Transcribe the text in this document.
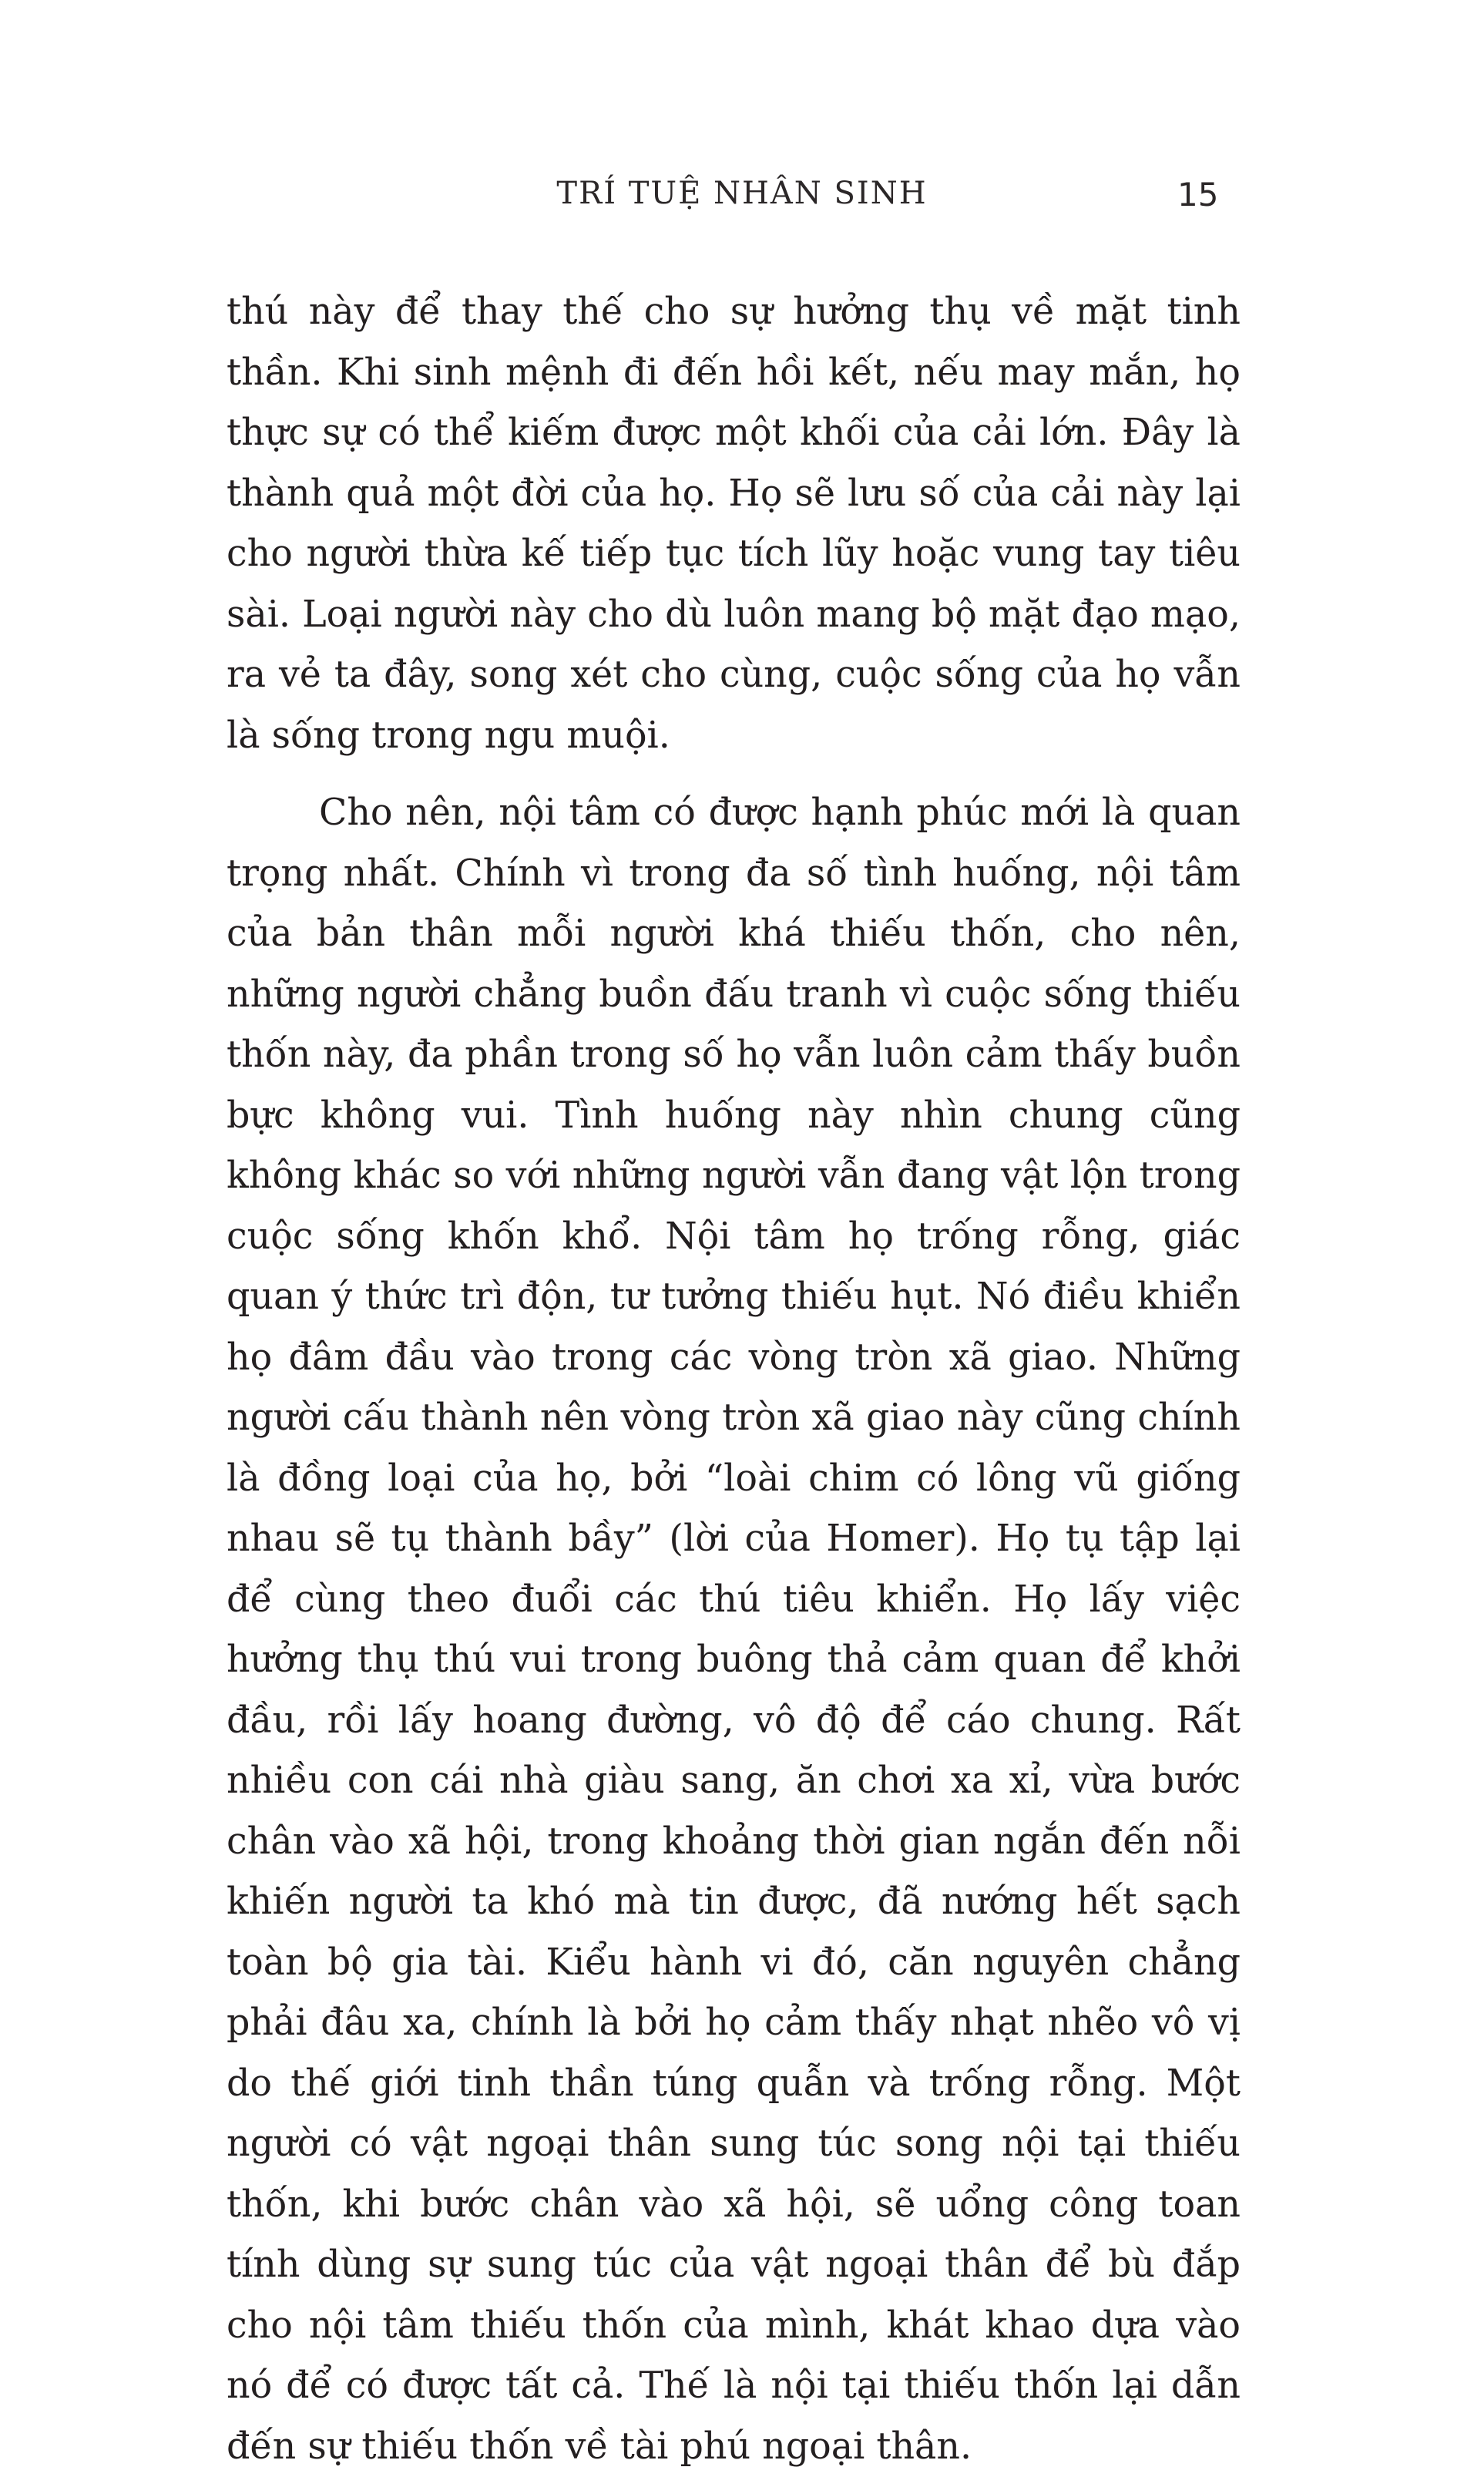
TRÍ TUỆ NHÂN SINH	15

thú này để thay thế cho sự hưởng thụ về mặt tinh thần. Khi sinh mệnh đi đến hồi kết, nếu may mắn, họ thực sự có thể kiếm được một khối của cải lớn. Đây là thành quả một đời của họ. Họ sẽ lưu số của cải này lại cho người thừa kế tiếp tục tích lũy hoặc vung tay tiêu sài. Loại người này cho dù luôn mang bộ mặt đạo mạo, ra vẻ ta đây, song xét cho cùng, cuộc sống của họ vẫn là sống trong ngu muội.

Cho nên, nội tâm có được hạnh phúc mới là quan trọng nhất. Chính vì trong đa số tình huống, nội tâm của bản thân mỗi người khá thiếu thốn, cho nên, những người chẳng buồn đấu tranh vì cuộc sống thiếu thốn này, đa phần trong số họ vẫn luôn cảm thấy buồn bực không vui. Tình huống này nhìn chung cũng không khác so với những người vẫn đang vật lộn trong cuộc sống khốn khổ. Nội tâm họ trống rỗng, giác quan ý thức trì độn, tư tưởng thiếu hụt. Nó điều khiển họ đâm đầu vào trong các vòng tròn xã giao. Những người cấu thành nên vòng tròn xã giao này cũng chính là đồng loại của họ, bởi “loài chim có lông vũ giống nhau sẽ tụ thành bầy” (lời của Homer). Họ tụ tập lại để cùng theo đuổi các thú tiêu khiển. Họ lấy việc hưởng thụ thú vui trong buông thả cảm quan để khởi đầu, rồi lấy hoang đường, vô độ để cáo chung. Rất nhiều con cái nhà giàu sang, ăn chơi xa xỉ, vừa bước chân vào xã hội, trong khoảng thời gian ngắn đến nỗi khiến người ta khó mà tin được, đã nướng hết sạch toàn bộ gia tài. Kiểu hành vi đó, căn nguyên chẳng phải đâu xa, chính là bởi họ cảm thấy nhạt nhẽo vô vị do thế giới tinh thần túng quẫn và trống rỗng. Một người có vật ngoại thân sung túc song nội tại thiếu thốn, khi bước chân vào xã hội, sẽ uổng công toan tính dùng sự sung túc của vật ngoại thân để bù đắp cho nội tâm thiếu thốn của mình, khát khao dựa vào nó để có được tất cả. Thế là nội tại thiếu thốn lại dẫn đến sự thiếu thốn về tài phú ngoại thân.
